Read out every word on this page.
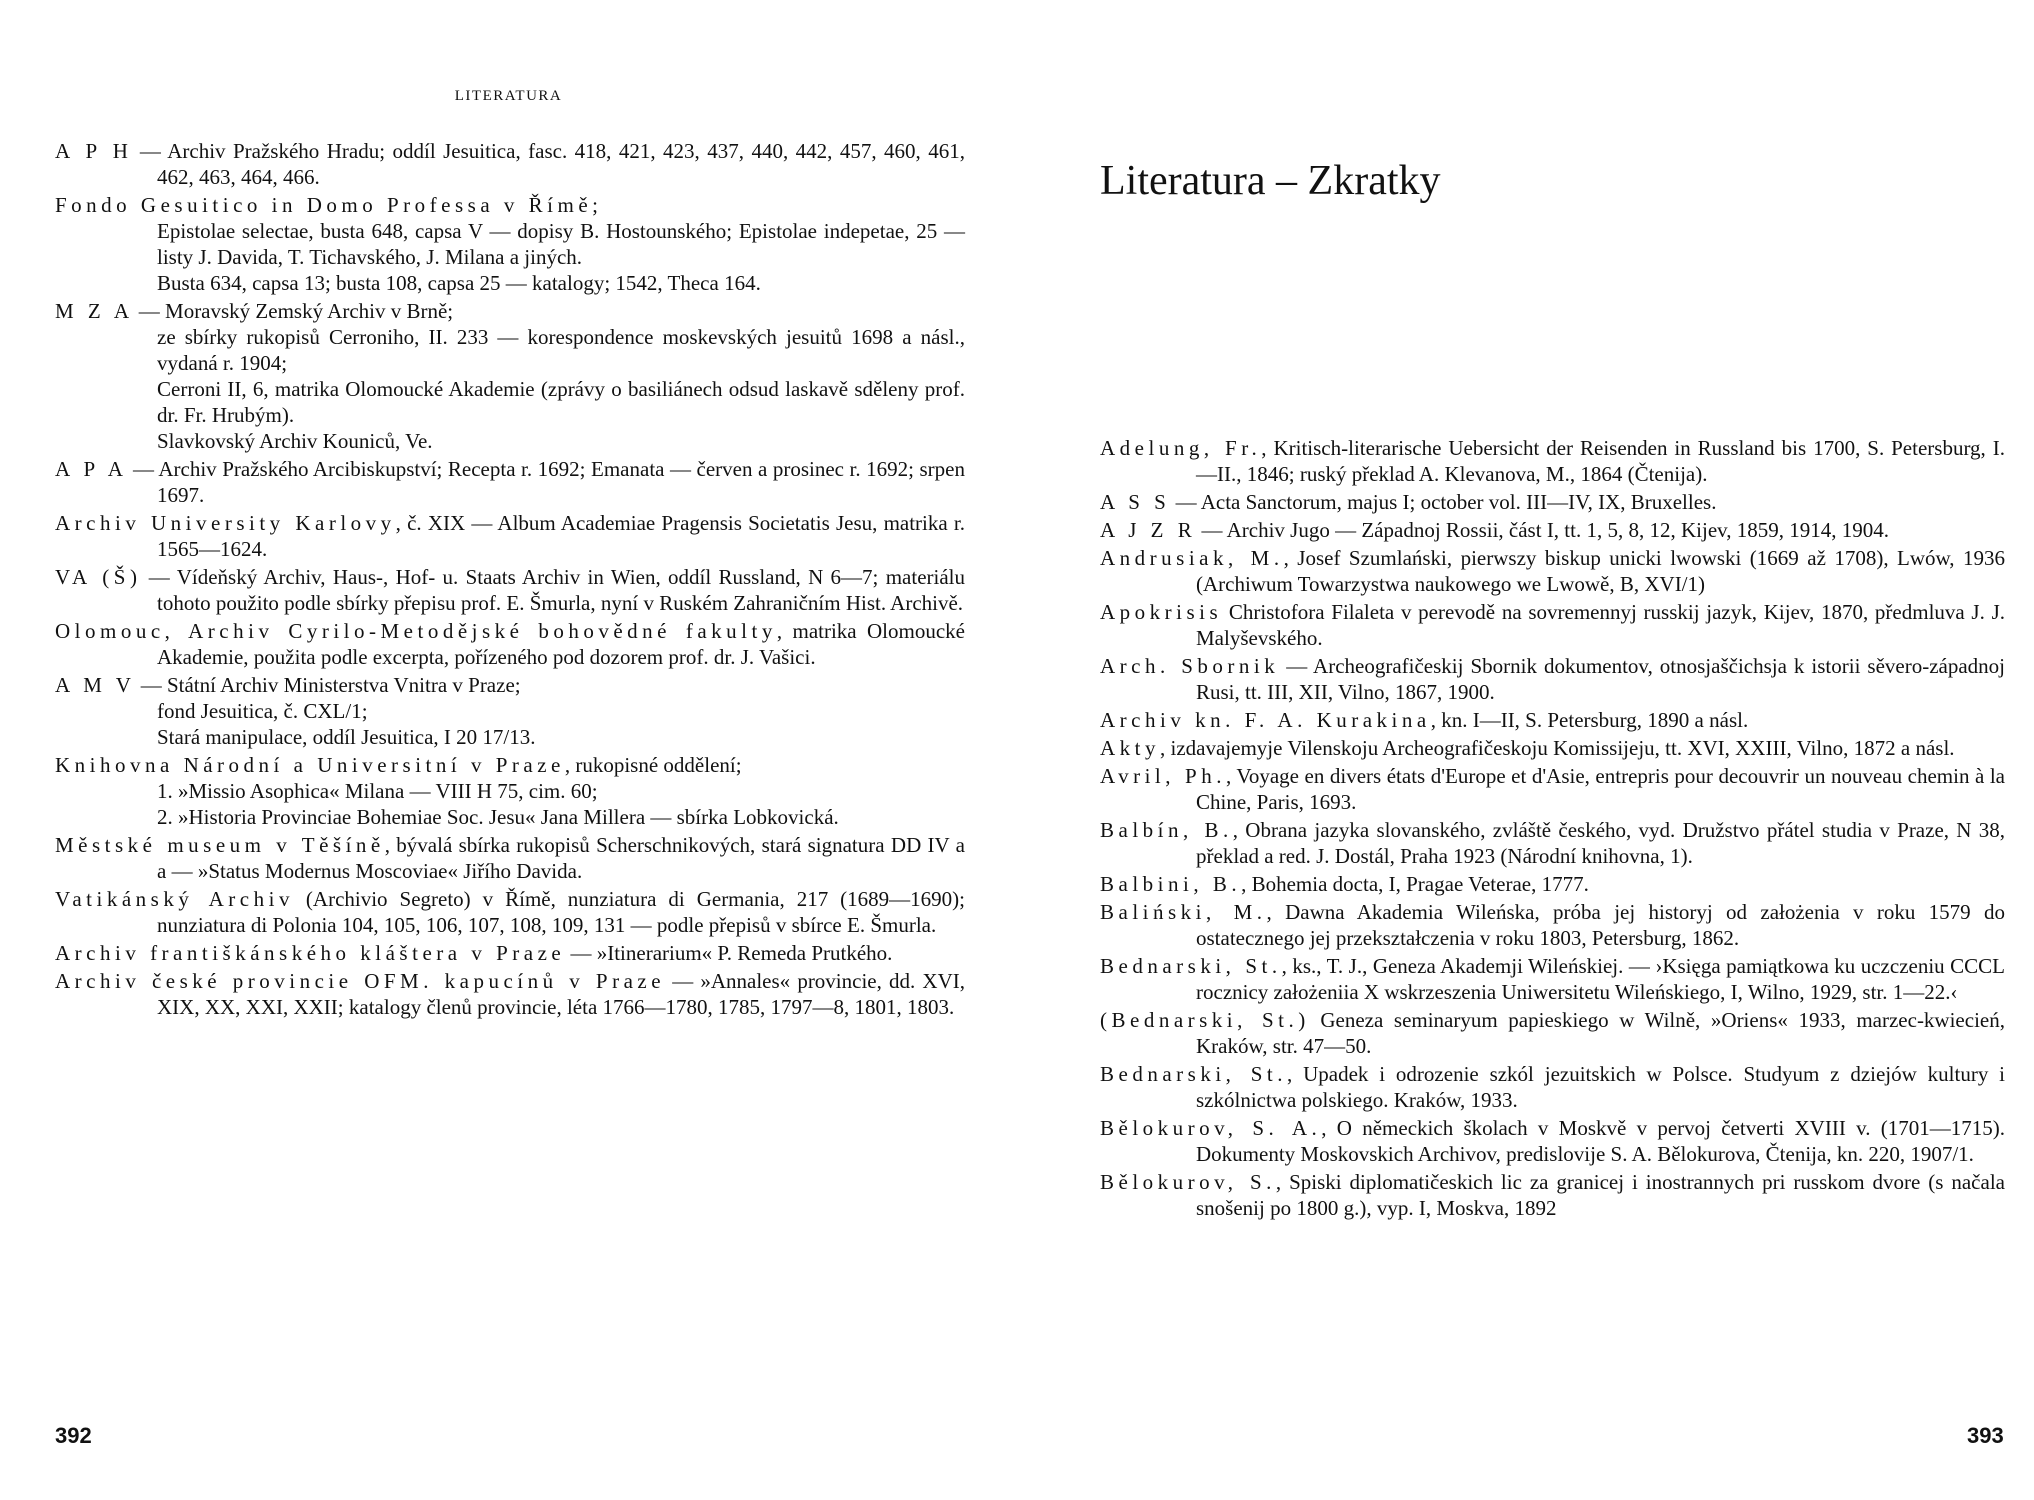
LITERATURA
A P H — Archiv Pražského Hradu; oddíl Jesuitica, fasc. 418, 421, 423, 437, 440, 442, 457, 460, 461, 462, 463, 464, 466.
Fondo Gesuitico in Domo Professa v Římě;
Epistolae selectae, busta 648, capsa V — dopisy B. Hostounského; Epistolae indepetae, 25 — listy J. Davida, T. Tichavského, J. Milana a jiných.
Busta 634, capsa 13; busta 108, capsa 25 — katalogy; 1542, Theca 164.
M Z A — Moravský Zemský Archiv v Brně;
ze sbírky rukopisů Cerroniho, II. 233 — korespondence moskevských jesuitů 1698 a násl., vydaná r. 1904;
Cerroni II, 6, matrika Olomoucké Akademie (zprávy o basiliánech odsud laskavě sděleny prof. dr. Fr. Hrubým).
Slavkovský Archiv Kouniců, Ve.
A P A — Archiv Pražského Arcibiskupství; Recepta r. 1692; Emanata — červen a prosinec r. 1692; srpen 1697.
Archiv University Karlovy, č. XIX — Album Academiae Pragensis Societatis Jesu, matrika r. 1565—1624.
VA (Š) — Vídeňský Archiv, Haus-, Hof- u. Staats Archiv in Wien, oddíl Russland, N 6—7; materiálu tohoto použito podle sbírky přepisu prof. E. Šmurla, nyní v Ruském Zahraničním Hist. Archivě.
Olomouc, Archiv Cyrilo-Metodějské bohovědné fakulty, matrika Olomoucké Akademie, použita podle excerpta, pořízeného pod dozorem prof. dr. J. Vašici.
A M V — Státní Archiv Ministerstva Vnitra v Praze;
fond Jesuitica, č. CXL/1;
Stará manipulace, oddíl Jesuitica, I 20 17/13.
Knihovna Národní a Universitní v Praze, rukopisné oddělení;
1. »Missio Asophica« Milana — VIII H 75, cim. 60;
2. »Historia Provinciae Bohemiae Soc. Jesu« Jana Millera — sbírka Lobkovická.
Městské museum v Těšíně, bývalá sbírka rukopisů Scherschnikových, stará signatura DD IV a a — »Status Modernus Moscoviae« Jiřího Davida.
Vatikánský Archiv (Archivio Segreto) v Římě, nunziatura di Germania, 217 (1689—1690); nunziatura di Polonia 104, 105, 106, 107, 108, 109, 131 — podle přepisů v sbírce E. Šmurla.
Archiv františkánského kláštera v Praze — »Itinerarium« P. Remeda Prutkého.
Archiv české provincie OFM. kapucínů v Praze — »Annales« provincie, dd. XVI, XIX, XX, XXI, XXII; katalogy členů provincie, léta 1766—1780, 1785, 1797—8, 1801, 1803.
392
Literatura – Zkratky
Adelung, Fr., Kritisch-literarische Uebersicht der Reisenden in Russland bis 1700, S. Petersburg, I.—II., 1846; ruský překlad A. Klevanova, M., 1864 (Čtenija).
A S S — Acta Sanctorum, majus I; october vol. III—IV, IX, Bruxelles.
A J Z R — Archiv Jugo — Západnoj Rossii, část I, tt. 1, 5, 8, 12, Kijev, 1859, 1914, 1904.
Andrusiak, M., Josef Szumlański, pierwszy biskup unicki lwowski (1669 až 1708), Lwów, 1936 (Archiwum Towarzystwa naukowego we Lwowě, B, XVI/1)
Apokrisis Christofora Filaleta v perevodě na sovremennyj russkij jazyk, Kijev, 1870, předmluva J. J. Malyševského.
Arch. Sbornik — Archeografičeskij Sbornik dokumentov, otnosjaščichsja k istorii sěvero-západnoj Rusi, tt. III, XII, Vilno, 1867, 1900.
Archiv kn. F. A. Kurakina, kn. I—II, S. Petersburg, 1890 a násl.
Akty, izdavajemyje Vilenskoju Archeografičeskoju Komissijeju, tt. XVI, XXIII, Vilno, 1872 a násl.
Avril, Ph., Voyage en divers états d'Europe et d'Asie, entrepris pour decouvrir un nouveau chemin à la Chine, Paris, 1693.
Balbín, B., Obrana jazyka slovanského, zvláště českého, vyd. Družstvo přátel studia v Praze, N 38, překlad a red. J. Dostál, Praha 1923 (Národní knihovna, 1).
Balbini, B., Bohemia docta, I, Pragae Veterae, 1777.
Baliński, M., Dawna Akademia Wileńska, próba jej historyj od założenia v roku 1579 do ostatecznego jej przekształczenia v roku 1803, Petersburg, 1862.
Bednarski, St., ks., T. J., Geneza Akademji Wileńskiej. — ›Księga pamiątkowa ku uczczeniu CCCL rocznicy założeniia X wskrzeszenia Uniwersitetu Wileńskiego, I, Wilno, 1929, str. 1—22.‹
(Bednarski, St.) Geneza seminaryum papieskiego w Wilně, »Oriens« 1933, marzec-kwiecień, Kraków, str. 47—50.
Bednarski, St., Upadek i odrozenie szkól jezuitskich w Polsce. Studyum z dziejów kultury i szkólnictwa polskiego. Kraków, 1933.
Bělokurov, S. A., O německich školach v Moskvě v pervoj četverti XVIII v. (1701—1715). Dokumenty Moskovskich Archivov, predislovije S. A. Bělokurova, Čtenija, kn. 220, 1907/1.
Bělokurov, S., Spiski diplomatičeskich lic za granicej i inostrannych pri russkom dvore (s načala snošenij po 1800 g.), vyp. I, Moskva, 1892
393
